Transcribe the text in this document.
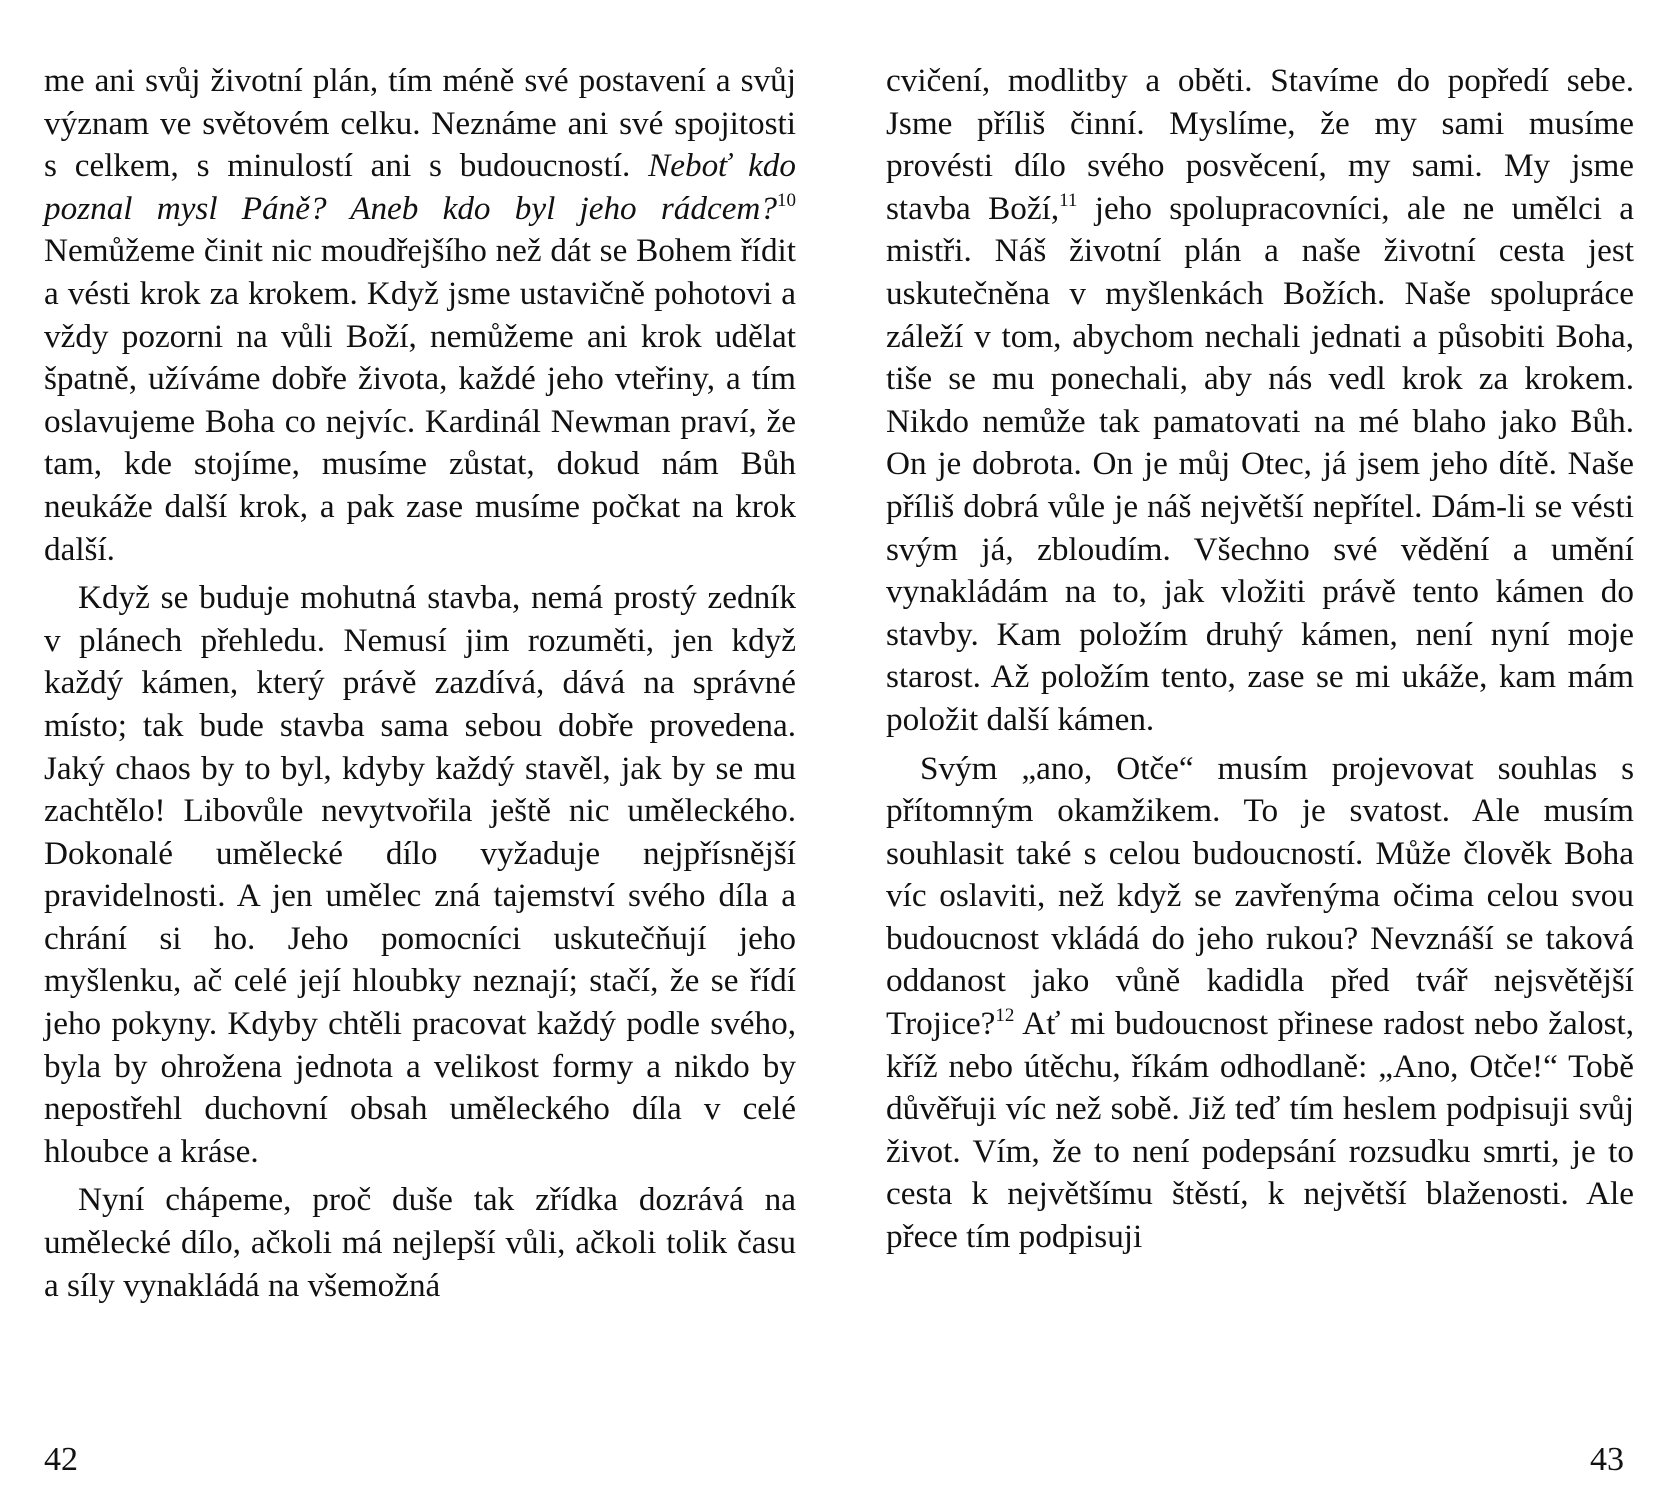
me ani svůj životní plán, tím méně své postavení a svůj význam ve světovém celku. Neznáme ani své spojitosti s celkem, s minulostí ani s budoucností. Neboť kdo poznal mysl Páně? Aneb kdo byl jeho rádcem?$^{10}$ Nemůžeme činit nic moudřejšího než dát se Bohem řídit a vésti krok za krokem. Když jsme ustavičně pohotovi a vždy pozorni na vůli Boží, nemůžeme ani krok udělat špatně, užíváme dobře života, každé jeho vteřiny, a tím oslavujeme Boha co nejvíc. Kardinál Newman praví, že tam, kde stojíme, musíme zůstat, dokud nám Bůh neukáže další krok, a pak zase musíme počkat na krok další.

Když se buduje mohutná stavba, nemá prostý zedník v plánech přehledu. Nemusí jim rozuměti, jen když každý kámen, který právě zazdívá, dává na správné místo; tak bude stavba sama sebou dobře provedena. Jaký chaos by to byl, kdyby každý stavěl, jak by se mu zachtělo! Libovůle nevytvořila ještě nic uměleckého. Dokonalé umělecké dílo vyžaduje nejpřísnější pravidelnosti. A jen umělec zná tajemství svého díla a chrání si ho. Jeho pomocníci uskutečňují jeho myšlenku, ač celé její hloubky neznají; stačí, že se řídí jeho pokyny. Kdyby chtěli pracovat každý podle svého, byla by ohrožena jednota a velikost formy a nikdo by nepostřehl duchovní obsah uměleckého díla v celé hloubce a kráse.

Nyní chápeme, proč duše tak zřídka dozrává na umělecké dílo, ačkoli má nejlepší vůli, ačkoli tolik času a síly vynakládá na všemožná

42

cvičení, modlitby a oběti. Stavíme do popředí sebe. Jsme příliš činní. Myslíme, že my sami musíme provésti dílo svého posvěcení, my sami. My jsme stavba Boží,$^{11}$ jeho spolupracovníci, ale ne umělci a mistři. Náš životní plán a naše životní cesta jest uskutečněna v myšlenkách Božích. Naše spolupráce záleží v tom, abychom nechali jednati a působiti Boha, tiše se mu ponechali, aby nás vedl krok za krokem. Nikdo nemůže tak pamatovati na mé blaho jako Bůh. On je dobrota. On je můj Otec, já jsem jeho dítě. Naše příliš dobrá vůle je náš největší nepřítel. Dám-li se vésti svým já, zbloudím. Všechno své vědění a umění vynakládám na to, jak vložiti právě tento kámen do stavby. Kam položím druhý kámen, není nyní moje starost. Až položím tento, zase se mi ukáže, kam mám položit další kámen.

Svým „ano, Otče“ musím projevovat souhlas s přítomným okamžikem. To je svatost. Ale musím souhlasit také s celou budoucností. Může člověk Boha víc oslaviti, než když se zavřenýma očima celou svou budoucnost vkládá do jeho rukou? Nevznáší se taková oddanost jako vůně kadidla před tvář nejsvětější Trojice?$^{12}$ Ať mi budoucnost přinese radost nebo žalost, kříž nebo útěchu, říkám odhodlaně: „Ano, Otče!“ Tobě důvěřuji víc než sobě. Již teď tím heslem podpisuji svůj život. Vím, že to není podepsání rozsudku smrti, je to cesta k největšímu štěstí, k největší blaženosti. Ale přece tím podpisuji

43
